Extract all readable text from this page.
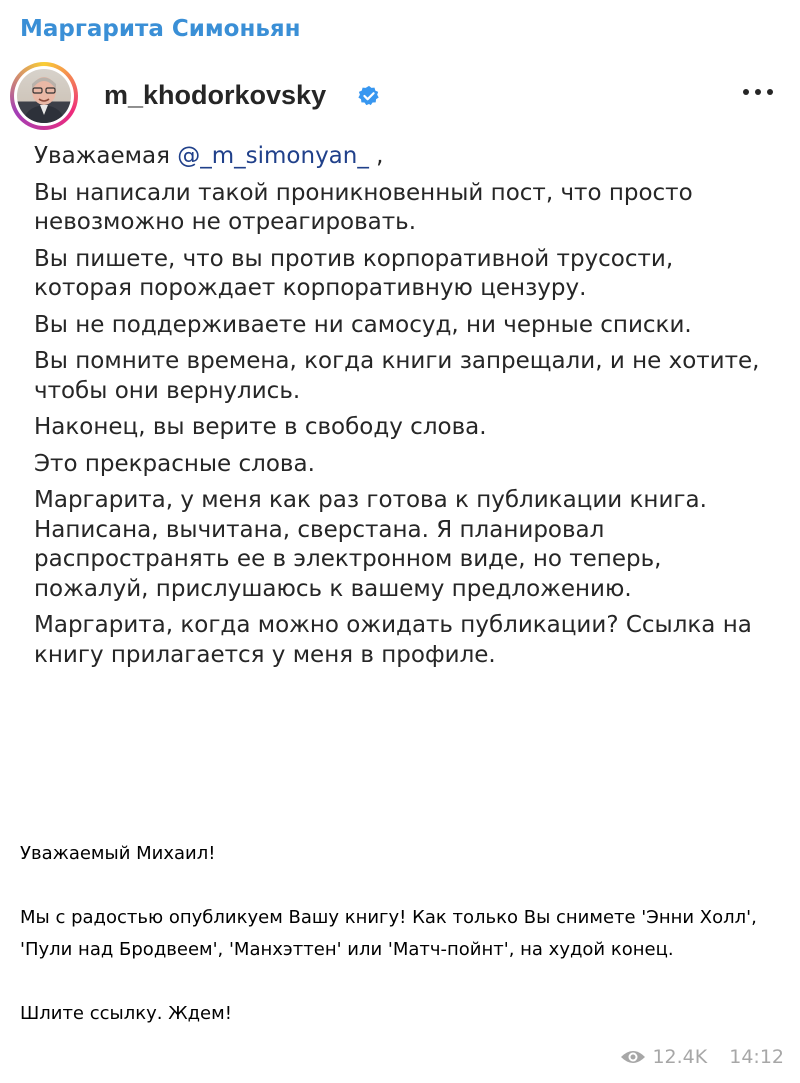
Маргарита Симоньян
m_khodorkovsky

Уважаемая @_m_simonyan_ ,

Вы написали такой проникновенный пост, что просто невозможно не отреагировать.

Вы пишете, что вы против корпоративной трусости, которая порождает корпоративную цензуру.

Вы не поддерживаете ни самосуд, ни черные списки.

Вы помните времена, когда книги запрещали, и не хотите, чтобы они вернулись.

Наконец, вы верите в свободу слова.

Это прекрасные слова.

Маргарита, у меня как раз готова к публикации книга. Написана, вычитана, сверстана. Я планировал распространять ее в электронном виде, но теперь, пожалуй, прислушаюсь к вашему предложению.

Маргарита, когда можно ожидать публикации? Ссылка на книгу прилагается у меня в профиле.

Уважаемый Михаил!

Мы с радостью опубликуем Вашу книгу! Как только Вы снимете 'Энни Холл', 'Пули над Бродвеем', 'Манхэттен' или 'Матч-пойнт', на худой конец.

Шлите ссылку. Ждем!

12.4K 14:12
